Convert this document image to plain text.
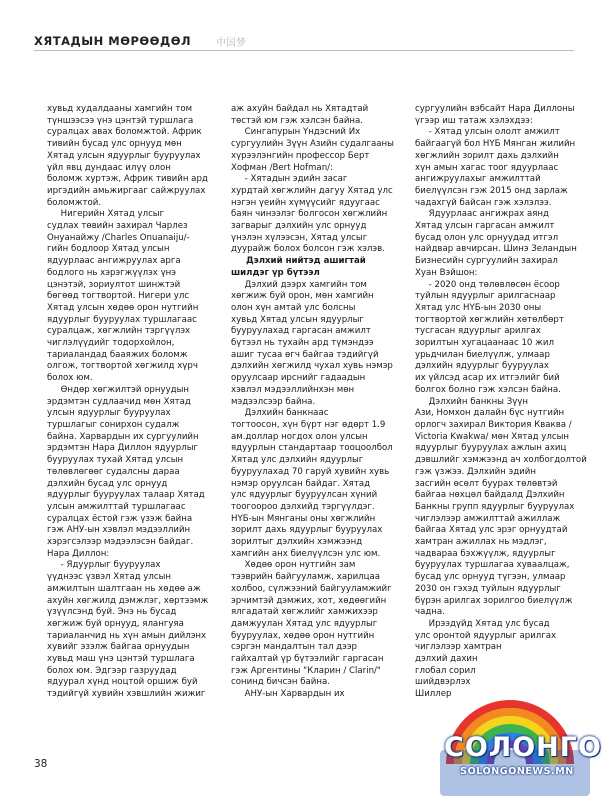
ХЯТАДЫН МӨРӨӨДӨЛ 中国梦

хувьд худалдааны хамгийн том

түншээсээ үнэ цэнтэй туршлага

суралцах авах боломжтой. Африк

тивийн бусад улс орнууд мөн

Хятад улсын ядуурлыг бууруулах

үйл явц дундаас илүү олон

боломж хуртэж, Африк тивийн ард

иргэдийн амьжиргааг сайжруулах

боломжтой.

Нигерийн Хятад улсыг

судлах төвийн захирал Чарлез

Онуанайжу /Charles Onuanaiju/-

гийн бодлоор Хятад улсын

ядуурлаас ангижруулах арга

бодлого нь хэрэгжүүлэх үнэ

цэнэтэй, зориултот шинжтэй

бөгөөд тогтвортой. Нигери улс

Хятад улсын хөдөө орон нутгийн

ядуурлыг бууруулах туршлагаас

суралцаж, хөгжлийн тэргүүлэх

чиглэлүүдийг тодорхойлон,

тариаландад бааяжих боломж

олгож, тогтвортой хөгжилд хүрч

болох юм.

Өндөр хөгжилтэй орнуудын

эрдэмтэн судлаачид мөн Хятад

улсын ядуурлыг бууруулах

туршлагыг сонирхон судалж

байна. Харвардын их сургуулийн

эрдэмтэн Нара Диллон ядуурлыг

бууруулах тухай Хятад улсын

төлөвлөгөөг судалсны дараа

дэлхийн бусад улс орнууд

ядуурлыг бууруулах талаар Хятад

улсын амжилттай туршлагаас

суралцах ёстой гэж үзэж байна

гэж АНУ-ын хэвлэл мэдээллийн

хэрэгсэлээр мэдээлэсэн байдаг.

Нара Диллон:

- Ядуурлыг бууруулах

үүднээс үзвэл Хятад улсын

амжилтын шалтгаан нь хөдөө аж

ахуйн хөгжилд дэмжлэг, хөртээмж

үзүүлсэнд буй. Энэ нь бусад

хөгжиж буй орнууд, ялангуяа

тариаланчид нь хүн амын дийлэнх

хувийг эзэлж байгаа орнуудын

хувьд маш үнэ цэнтэй туршлага

болох юм. Эдгээр газруудад

ядуурал хүнд ноцтой оршиж буй

тэдийгүй хувийн хэвшлийн жижиг

аж ахуйн байдал нь Хятадтай

төстэй юм гэж хэлсэн байна.

Сингапурын Үндэсний Их

сургуулийн Зүүн Азийн судалгааны

хүрээлэнгийн профессор Берт

Хофман /Bert Hofman/:

- Хятадын эдийн засаг

хурдтай хөгжлийн дагуу Хятад улс

нэгэн үеийн хүмүүсийг ядуугаас

баян чинээлэг болгосон хөгжлийн

загварыг дэлхийн улс орнууд

үнэлэн хүлээсэн, Хятад улсыг

дуурайж болох болсон гэж хэлэв.

Дэлхий нийтэд ашигтай

шилдэг үр бүтээл

Дэлхий дээрх хамгийн том

хөгжиж буй орон, мөн хамгийн

олон хүн амтай улс болсны

хувьд Хятад улсын ядуурлыг

бууруулахад гаргасан амжилт

бүтээл нь тухайн ард түмэндээ

ашиг тусаа өгч байгаа тэдийгүй

дэлхийн хөгжилд чухал хувь нэмэр

оруулсаар ирснийг гадаадын

хэвлэл мэдээллийнхэн мөн

мэдээлсээр байна.

Дэлхийн банкнаас

тогтоосон, хүн бүрт нэг өдөрт 1.9

ам.доллар ногдох олон улсын

ядуурлын стандартаар тооцоолбол

Хятад улс дэлхийн ядуурлыг

бууруулахад 70 гаруй хувийн хувь

нэмэр оруулсан байдаг. Хятад

улс ядуурлыг бууруулсан хүний

тоогоороо дэлхийд тэргүүлдэг.

НҮБ-ын Мянганы оны хөгжлийн

зорилт дахь ядуурлыг бууруулах

зорилтыг дэлхийн хэмжээнд

хамгийн анх биелүүлсэн улс юм.

Хөдөө орон нутгийн зам

тээврийн байгууламж, харилцаа

холбоо, сүлжээний байгууламжийг

эрчимтэй дэмжих, хот, хөдөөгийн

ялгадатай хөгжлийг хамжихээр

дамжуулан Хятад улс ядуурлыг

бууруулах, хөдөө орон нутгийн

сэргэн мандалтын тал дээр

гайхалтай үр бүтээлийг гаргасан

гэж Аргентины "Кларин / Clarin/"

сонинд бичсэн байна.

АНУ-ын Харвардын их

сургуулийн вэбсайт Нара Диллоны

үгээр иш татаж хэлэхдээ:

- Хятад улсын ололт амжилт

байгаагүй бол НҮБ Мянган жилийн

хөгжлийн зорилт дахь дэлхийн

хүн амын хагас тоог ядуурлаас

ангижруулахыг амжилттай

биелүүлсэн гэж 2015 онд зарлаж

чадахгүй байсан гэж хэлэлээ.

Ядуурлаас ангижрах аянд

Хятад улсын гаргасан амжилт

бусад олон улс орнуудад итгэл

найдвар авчирсан. Шинэ Зеландын

Бизнесийн сургуулийн захирал

Хуан Вэйшон:

- 2020 онд төлөвлөсөн ёсоор

туйлын ядуурлыг арилгаснаар

Хятад улс НҮБ-ын 2030 оны

тогтвортой хөгжлийн хөтөлбөрт

тусгасан ядуурлыг арилгах

зорилтын хугацаанаас 10 жил

урьдчилан биелүүлж, улмаар

дэлхийн ядуурлыг бууруулах

их үйлсэд асар их итгэлийг бий

болгох болно гэж хэлсэн байна.

Дэлхийн банкны Зүүн

Ази, Номхон далайн бүс нутгийн

орлогч захирал Виктория Кваква /

Victoria Kwakwa/ мөн Хятад улсын

ядуурлыг бууруулах ажлын ахиц

дэвшлийг хэмжээнд ач холбогдолтой

гэж үзжээ. Дэлхийн эдийн

засгийн өсөлт буурах төлөвтэй

байгаа нөхцөл байдалд Дэлхийн

Банкны групп ядуурлыг бууруулах

чиглэлээр амжилттай ажиллаж

байгаа Хятад улс эрэг орнуудтай

хамтран ажиллах нь мэдлэг,

чадвараа бэхжүүлж, ядуурлыг

бууруулах туршлагаа хуваалцаж,

бусад улс орнууд түгээн, улмаар

2030 он гэхэд туйлын ядуурлыг

бүрэн арилгах зорилгоо биелүүлж

чадна.

Ирээдүйд Хятад улс бусад

улс оронтой ядуурлыг арилгах

чиглэлээр хамтран

дэлхий дахин

глобал сорил

шийдвэрлэх

Шиллер

38
СОЛОНГО
SOLONGONEWS.MN
